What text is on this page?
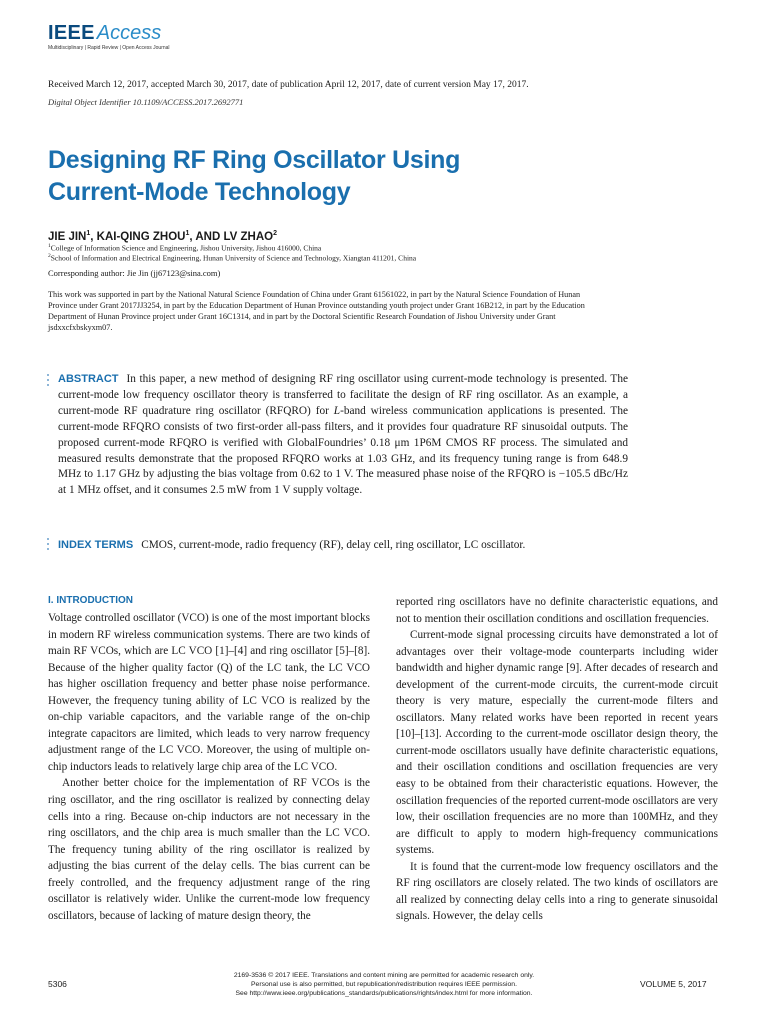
IEEE Access
Multidisciplinary | Rapid Review | Open Access Journal
Received March 12, 2017, accepted March 30, 2017, date of publication April 12, 2017, date of current version May 17, 2017.
Digital Object Identifier 10.1109/ACCESS.2017.2692771
Designing RF Ring Oscillator Using
Current-Mode Technology
JIE JIN$^1$, KAI-QING ZHOU$^1$, AND LV ZHAO$^2$
$^1$College of Information Science and Engineering, Jishou University, Jishou 416000, China
$^2$School of Information and Electrical Engineering, Hunan University of Science and Technology, Xiangtan 411201, China
Corresponding author: Jie Jin (jj67123@sina.com)
This work was supported in part by the National Natural Science Foundation of China under Grant 61561022, in part by the Natural Science Foundation of Hunan Province under Grant 2017JJ3254, in part by the Education Department of Hunan Province outstanding youth project under Grant 16B212, in part by the Education Department of Hunan Province project under Grant 16C1314, and in part by the Doctoral Scientific Research Foundation of Jishou University under Grant jsdxxcfxbskyxm07.
ABSTRACT In this paper, a new method of designing RF ring oscillator using current-mode technology is presented. The current-mode low frequency oscillator theory is transferred to facilitate the design of RF ring oscillator. As an example, a current-mode RF quadrature ring oscillator (RFQRO) for L-band wireless communication applications is presented. The current-mode RFQRO consists of two first-order all-pass filters, and it provides four quadrature RF sinusoidal outputs. The proposed current-mode RFQRO is verified with GlobalFoundries’ 0.18 μm 1P6M CMOS RF process. The simulated and measured results demonstrate that the proposed RFQRO works at 1.03 GHz, and its frequency tuning range is from 648.9 MHz to 1.17 GHz by adjusting the bias voltage from 0.62 to 1 V. The measured phase noise of the RFQRO is −105.5 dBc/Hz at 1 MHz offset, and it consumes 2.5 mW from 1 V supply voltage.
INDEX TERMS CMOS, current-mode, radio frequency (RF), delay cell, ring oscillator, LC oscillator.
I. INTRODUCTION

Voltage controlled oscillator (VCO) is one of the most important blocks in modern RF wireless communication systems. There are two kinds of main RF VCOs, which are LC VCO [1]–[4] and ring oscillator [5]–[8]. Because of the higher quality factor (Q) of the LC tank, the LC VCO has higher oscillation frequency and better phase noise performance. However, the frequency tuning ability of LC VCO is realized by the on-chip variable capacitors, and the variable range of the on-chip integrate capacitors are limited, which leads to very narrow frequency adjustment range of the LC VCO. Moreover, the using of multiple on-chip inductors leads to relatively large chip area of the LC VCO.

Another better choice for the implementation of RF VCOs is the ring oscillator, and the ring oscillator is realized by connecting delay cells into a ring. Because on-chip inductors are not necessary in the ring oscillators, and the chip area is much smaller than the LC VCO. The frequency tuning ability of the ring oscillator is realized by adjusting the bias current of the delay cells. The bias current can be freely controlled, and the frequency adjustment range of the ring oscillator is relatively wider. Unlike the current-mode low frequency oscillators, because of lacking of mature design theory, the

reported ring oscillators have no definite characteristic equations, and not to mention their oscillation conditions and oscillation frequencies.

Current-mode signal processing circuits have demonstrated a lot of advantages over their voltage-mode counterparts including wider bandwidth and higher dynamic range [9]. After decades of research and development of the current-mode circuits, the current-mode circuit theory is very mature, especially the current-mode filters and oscillators. Many related works have been reported in recent years [10]–[13]. According to the current-mode oscillator design theory, the current-mode oscillators usually have definite characteristic equations, and their oscillation conditions and oscillation frequencies are very easy to be obtained from their characteristic equations. However, the oscillation frequencies of the reported current-mode oscillators are very low, their oscillation frequencies are no more than 100MHz, and they are difficult to apply to modern high-frequency communications systems.

It is found that the current-mode low frequency oscillators and the RF ring oscillators are closely related. The two kinds of oscillators are all realized by connecting delay cells into a ring to generate sinusoidal signals. However, the delay cells

5306
2169-3536 © 2017 IEEE. Translations and content mining are permitted for academic research only.
Personal use is also permitted, but republication/redistribution requires IEEE permission.
See http://www.ieee.org/publications_standards/publications/rights/index.html for more information.
VOLUME 5, 2017
